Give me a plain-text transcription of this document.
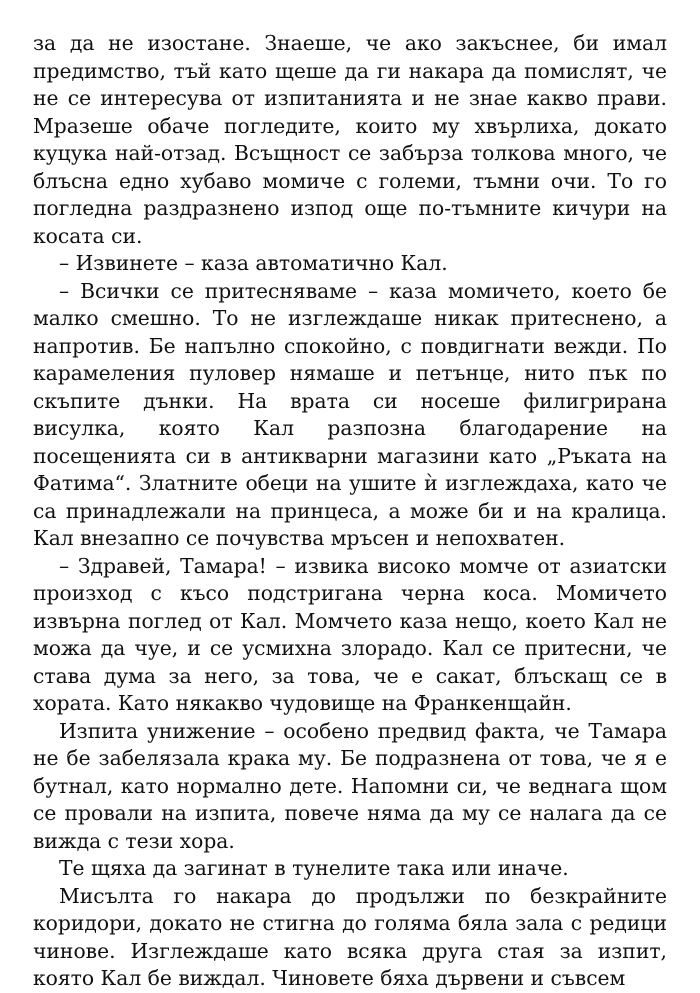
за да не изостане. Знаеше, че ако закъснее, би имал предимство, тъй като щеше да ги накара да помислят, че не се интересува от изпитанията и не знае какво прави. Мразеше обаче погледите, които му хвърлиха, докато куцука най-отзад. Всъщност се забърза толкова много, че блъсна едно хубаво момиче с големи, тъмни очи. То го погледна раздразнено изпод още по-тъмните кичури на косата си.

– Извинете – каза автоматично Кал.

– Всички се притесняваме – каза момичето, което бе малко смешно. То не изглеждаше никак притеснено, а напротив. Бе напълно спокойно, с повдигнати вежди. По карамеления пуловер нямаше и петънце, нито пък по скъпите дънки. На врата си носеше филигрирана висулка, която Кал разпозна благодарение на посещенията си в антикварни магазини като „Ръката на Фатима“. Златните обеци на ушите ѝ изглеждаха, като че са принадлежали на принцеса, а може би и на кралица. Кал внезапно се почувства мръсен и непохватен.

– Здравей, Тамара! – извика високо момче от азиатски произход с късо подстригана черна коса. Момичето извърна поглед от Кал. Момчето каза нещо, което Кал не можа да чуе, и се усмихна злорадо. Кал се притесни, че става дума за него, за това, че е сакат, блъскащ се в хората. Като някакво чудовище на Франкенщайн.

Изпита унижение – особено предвид факта, че Тамара не бе забелязала крака му. Бе подразнена от това, че я е бутнал, като нормално дете. Напомни си, че веднага щом се провали на изпита, повече няма да му се налага да се вижда с тези хора.

Те щяха да загинат в тунелите така или иначе.

Мисълта го накара до продължи по безкрайните коридори, докато не стигна до голяма бяла зала с редици чинове. Изглеждаше като всяка друга стая за изпит, която Кал бе виждал. Чиновете бяха дървени и съвсем
